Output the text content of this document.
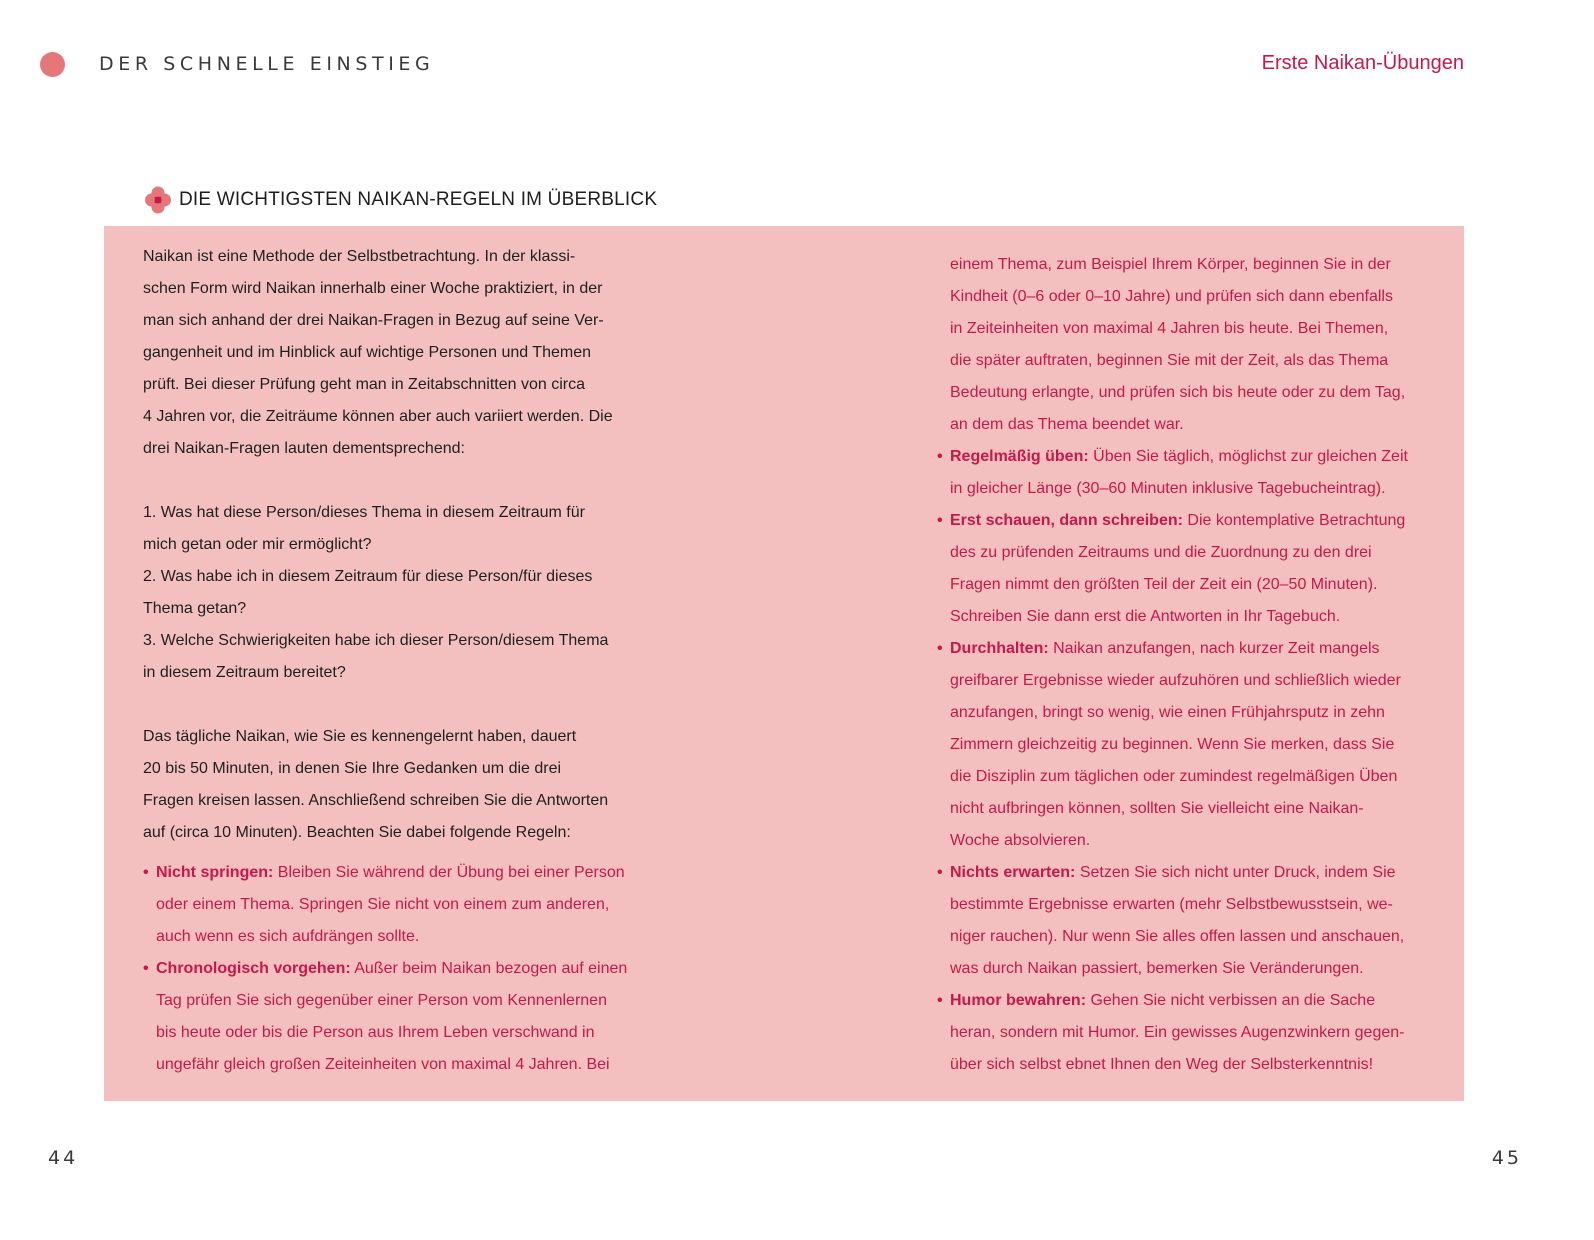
DER SCHNELLE EINSTIEG	Erste Naikan-Übungen
DIE WICHTIGSTEN NAIKAN-REGELN IM ÜBERBLICK

Naikan ist eine Methode der Selbstbetrachtung. In der klassi-

schen Form wird Naikan innerhalb einer Woche praktiziert, in der

man sich anhand der drei Naikan-Fragen in Bezug auf seine Ver-

gangenheit und im Hinblick auf wichtige Personen und Themen

prüft. Bei dieser Prüfung geht man in Zeitabschnitten von circa

4 Jahren vor, die Zeiträume können aber auch variiert werden. Die

drei Naikan-Fragen lauten dementsprechend:

1. Was hat diese Person/dieses Thema in diesem Zeitraum für

mich getan oder mir ermöglicht?

2. Was habe ich in diesem Zeitraum für diese Person/für dieses

Thema getan?

3. Welche Schwierigkeiten habe ich dieser Person/diesem Thema

in diesem Zeitraum bereitet?

Das tägliche Naikan, wie Sie es kennengelernt haben, dauert

20 bis 50 Minuten, in denen Sie Ihre Gedanken um die drei

Fragen kreisen lassen. Anschließend schreiben Sie die Antworten

auf (circa 10 Minuten). Beachten Sie dabei folgende Regeln:

• Nicht springen: Bleiben Sie während der Übung bei einer Person

oder einem Thema. Springen Sie nicht von einem zum anderen,

auch wenn es sich aufdrängen sollte.

• Chronologisch vorgehen: Außer beim Naikan bezogen auf einen

Tag prüfen Sie sich gegenüber einer Person vom Kennenlernen

bis heute oder bis die Person aus Ihrem Leben verschwand in

ungefähr gleich großen Zeiteinheiten von maximal 4 Jahren. Bei

einem Thema, zum Beispiel Ihrem Körper, beginnen Sie in der

Kindheit (0–6 oder 0–10 Jahre) und prüfen sich dann ebenfalls

in Zeiteinheiten von maximal 4 Jahren bis heute. Bei Themen,

die später auftraten, beginnen Sie mit der Zeit, als das Thema

Bedeutung erlangte, und prüfen sich bis heute oder zu dem Tag,

an dem das Thema beendet war.

• Regelmäßig üben: Üben Sie täglich, möglichst zur gleichen Zeit

in gleicher Länge (30–60 Minuten inklusive Tagebucheintrag).

• Erst schauen, dann schreiben: Die kontemplative Betrachtung

des zu prüfenden Zeitraums und die Zuordnung zu den drei

Fragen nimmt den größten Teil der Zeit ein (20–50 Minuten).

Schreiben Sie dann erst die Antworten in Ihr Tagebuch.

• Durchhalten: Naikan anzufangen, nach kurzer Zeit mangels

greifbarer Ergebnisse wieder aufzuhören und schließlich wieder

anzufangen, bringt so wenig, wie einen Frühjahrsputz in zehn

Zimmern gleichzeitig zu beginnen. Wenn Sie merken, dass Sie

die Disziplin zum täglichen oder zumindest regelmäßigen Üben

nicht aufbringen können, sollten Sie vielleicht eine Naikan-

Woche absolvieren.

• Nichts erwarten: Setzen Sie sich nicht unter Druck, indem Sie

bestimmte Ergebnisse erwarten (mehr Selbstbewusstsein, we-

niger rauchen). Nur wenn Sie alles offen lassen und anschauen,

was durch Naikan passiert, bemerken Sie Veränderungen.

• Humor bewahren: Gehen Sie nicht verbissen an die Sache

heran, sondern mit Humor. Ein gewisses Augenzwinkern gegen-

über sich selbst ebnet Ihnen den Weg der Selbsterkenntnis!

44	45
